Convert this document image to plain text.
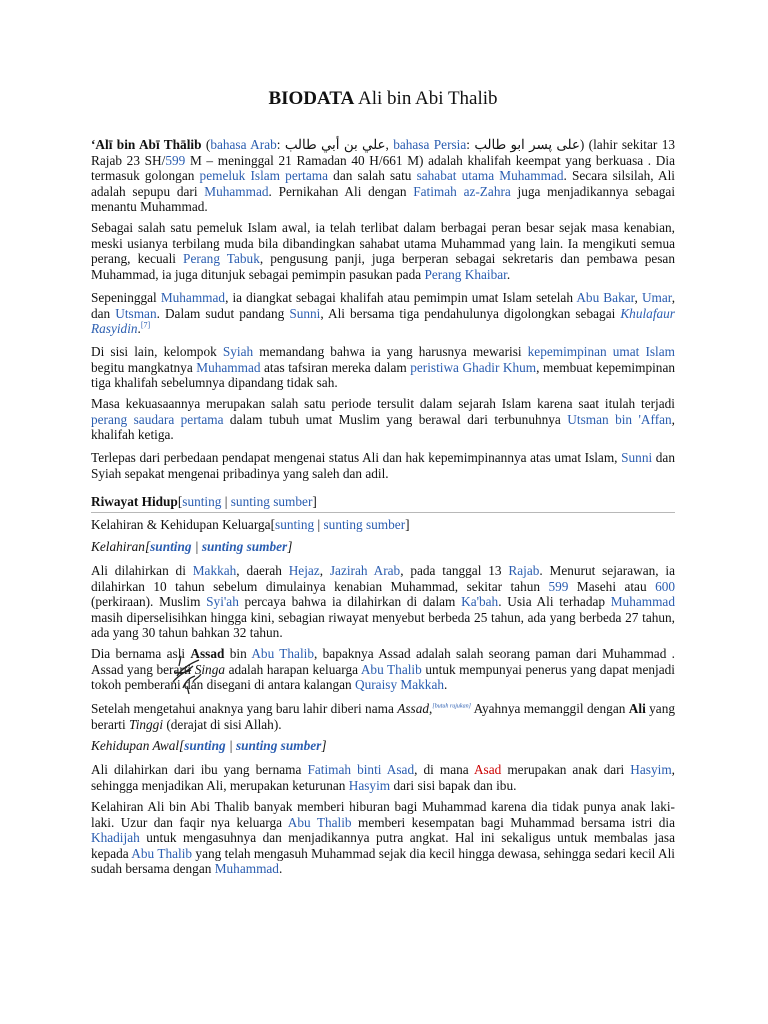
BIODATA Ali bin Abi Thalib
‘Alī bin Abī Thālib (bahasa Arab: علي بن أبي طالب, bahasa Persia: علی پسر ابو طالب) (lahir sekitar 13 Rajab 23 SH/599 M – meninggal 21 Ramadan 40 H/661 M) adalah khalifah keempat yang berkuasa . Dia termasuk golongan pemeluk Islam pertama dan salah satu sahabat utama Muhammad. Secara silsilah, Ali adalah sepupu dari Muhammad. Pernikahan Ali dengan Fatimah az-Zahra juga menjadikannya sebagai menantu Muhammad.
Sebagai salah satu pemeluk Islam awal, ia telah terlibat dalam berbagai peran besar sejak masa kenabian, meski usianya terbilang muda bila dibandingkan sahabat utama Muhammad yang lain. Ia mengikuti semua perang, kecuali Perang Tabuk, pengusung panji, juga berperan sebagai sekretaris dan pembawa pesan Muhammad, ia juga ditunjuk sebagai pemimpin pasukan pada Perang Khaibar.
Sepeninggal Muhammad, ia diangkat sebagai khalifah atau pemimpin umat Islam setelah Abu Bakar, Umar, dan Utsman. Dalam sudut pandang Sunni, Ali bersama tiga pendahulunya digolongkan sebagai Khulafaur Rasyidin.[7]
Di sisi lain, kelompok Syiah memandang bahwa ia yang harusnya mewarisi kepemimpinan umat Islam begitu mangkatnya Muhammad atas tafsiran mereka dalam peristiwa Ghadir Khum, membuat kepemimpinan tiga khalifah sebelumnya dipandang tidak sah.
Masa kekuasaannya merupakan salah satu periode tersulit dalam sejarah Islam karena saat itulah terjadi perang saudara pertama dalam tubuh umat Muslim yang berawal dari terbunuhnya Utsman bin 'Affan, khalifah ketiga.
Terlepas dari perbedaan pendapat mengenai status Ali dan hak kepemimpinannya atas umat Islam, Sunni dan Syiah sepakat mengenai pribadinya yang saleh dan adil.
Riwayat Hidup[sunting | sunting sumber]
Kelahiran & Kehidupan Keluarga[sunting | sunting sumber]
Kelahiran[sunting | sunting sumber]
Ali dilahirkan di Makkah, daerah Hejaz, Jazirah Arab, pada tanggal 13 Rajab. Menurut sejarawan, ia dilahirkan 10 tahun sebelum dimulainya kenabian Muhammad, sekitar tahun 599 Masehi atau 600 (perkiraan). Muslim Syi'ah percaya bahwa ia dilahirkan di dalam Ka'bah. Usia Ali terhadap Muhammad masih diperselisihkan hingga kini, sebagian riwayat menyebut berbeda 25 tahun, ada yang berbeda 27 tahun, ada yang 30 tahun bahkan 32 tahun.
Dia bernama asli Assad bin Abu Thalib, bapaknya Assad adalah salah seorang paman dari Muhammad . Assad yang berarti Singa adalah harapan keluarga Abu Thalib untuk mempunyai penerus yang dapat menjadi tokoh pemberani dan disegani di antara kalangan Quraisy Makkah.
Setelah mengetahui anaknya yang baru lahir diberi nama Assad,[butuh rujukan] Ayahnya memanggil dengan Ali yang berarti Tinggi (derajat di sisi Allah).
Kehidupan Awal[sunting | sunting sumber]
Ali dilahirkan dari ibu yang bernama Fatimah binti Asad, di mana Asad merupakan anak dari Hasyim, sehingga menjadikan Ali, merupakan keturunan Hasyim dari sisi bapak dan ibu.
Kelahiran Ali bin Abi Thalib banyak memberi hiburan bagi Muhammad karena dia tidak punya anak laki-laki. Uzur dan faqir nya keluarga Abu Thalib memberi kesempatan bagi Muhammad bersama istri dia Khadijah untuk mengasuhnya dan menjadikannya putra angkat. Hal ini sekaligus untuk membalas jasa kepada Abu Thalib yang telah mengasuh Muhammad sejak dia kecil hingga dewasa, sehingga sedari kecil Ali sudah bersama dengan Muhammad.
